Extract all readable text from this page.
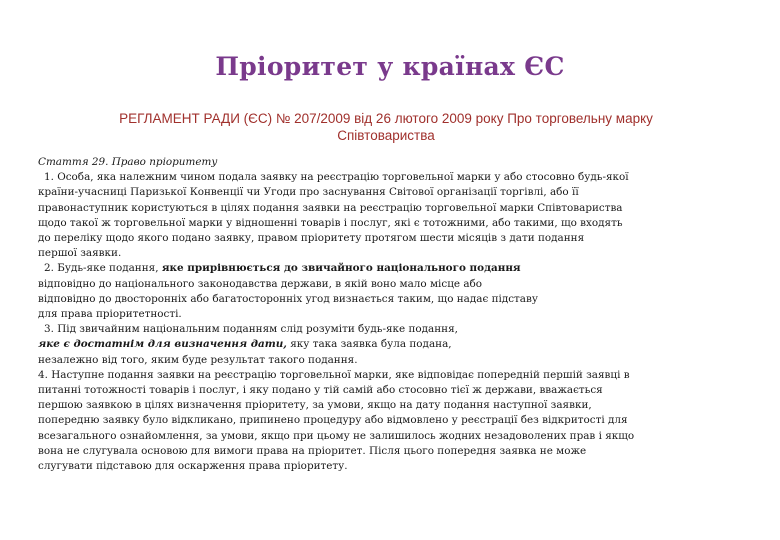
Пріоритет у країнах ЄС
РЕГЛАМЕНТ РАДИ (ЄС) № 207/2009 від 26 лютого 2009 року Про торговельну марку
Співтовариства
Стаття 29. Право пріоритету
1. Особа, яка належним чином подала заявку на реєстрацію торговельної марки у або стосовно будь-якої
країни-учасниці Паризької Конвенції чи Угоди про заснування Світової організації торгівлі, або її
правонаступник користуються в цілях подання заявки на реєстрацію торговельної марки Співтовариства
щодо такої ж торговельної марки у відношенні товарів і послуг, які є тотожними, або такими, що входять
до переліку щодо якого подано заявку, правом пріоритету протягом шести місяців з дати подання
першої заявки.
2. Будь-яке подання, яке прирівнюється до звичайного національного подання
відповідно до національного законодавства держави, в якій воно мало місце або
відповідно до двосторонніх або багатосторонніх угод визнається таким, що надає підставу
для права пріоритетності.
3. Під звичайним національним поданням слід розуміти будь-яке подання,
яке є достатнім для визначення дати, яку така заявка була подана,
незалежно від того, яким буде результат такого подання.
4. Наступне подання заявки на реєстрацію торговельної марки, яке відповідає попередній першій заявці в
питанні тотожності товарів і послуг, і яку подано у тій самій або стосовно тієї ж держави, вважається
першою заявкою в цілях визначення пріоритету, за умови, якщо на дату подання наступної заявки,
попередню заявку було відкликано, припинено процедуру або відмовлено у реєстрації без відкритості для
всезагального ознайомлення, за умови, якщо при цьому не залишилось жодних незадоволених прав і якщо
вона не слугувала основою для вимоги права на пріоритет. Після цього попередня заявка не може
слугувати підставою для оскарження права пріоритету.
